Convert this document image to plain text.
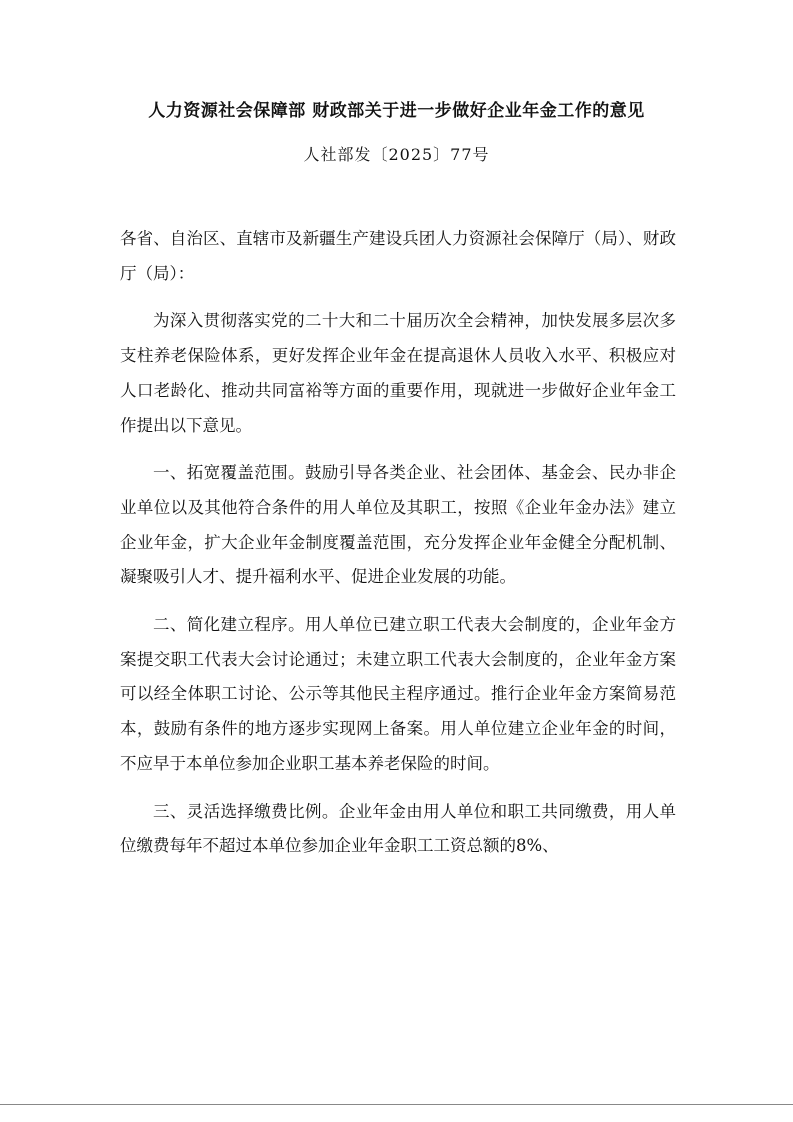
人力资源社会保障部 财政部关于进一步做好企业年金工作的意见
人社部发〔2025〕77号

各省、自治区、直辖市及新疆生产建设兵团人力资源社会保障厅（局）、财政厅（局）：

为深入贯彻落实党的二十大和二十届历次全会精神，加快发展多层次多支柱养老保险体系，更好发挥企业年金在提高退休人员收入水平、积极应对人口老龄化、推动共同富裕等方面的重要作用，现就进一步做好企业年金工作提出以下意见。

一、拓宽覆盖范围。鼓励引导各类企业、社会团体、基金会、民办非企业单位以及其他符合条件的用人单位及其职工，按照《企业年金办法》建立企业年金，扩大企业年金制度覆盖范围，充分发挥企业年金健全分配机制、凝聚吸引人才、提升福利水平、促进企业发展的功能。

二、简化建立程序。用人单位已建立职工代表大会制度的，企业年金方案提交职工代表大会讨论通过；未建立职工代表大会制度的，企业年金方案可以经全体职工讨论、公示等其他民主程序通过。推行企业年金方案简易范本，鼓励有条件的地方逐步实现网上备案。用人单位建立企业年金的时间，不应早于本单位参加企业职工基本养老保险的时间。

三、灵活选择缴费比例。企业年金由用人单位和职工共同缴费，用人单位缴费每年不超过本单位参加企业年金职工工资总额的8%、
